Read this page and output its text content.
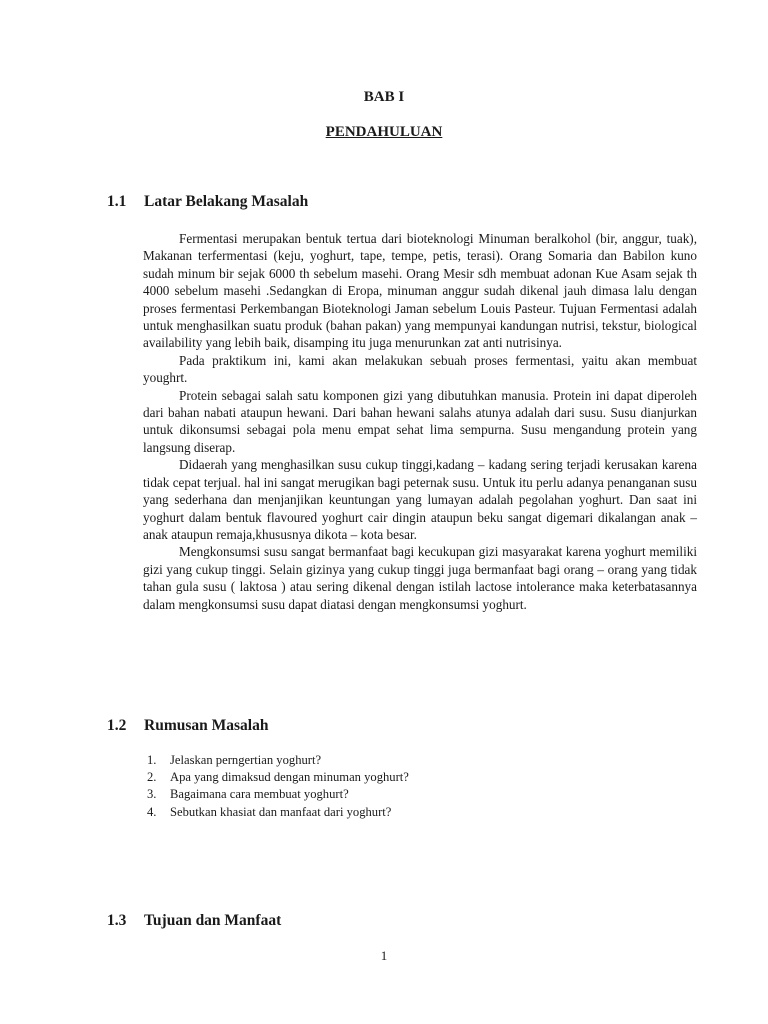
BAB I

PENDAHULUAN

1.1 Latar Belakang Masalah

Fermentasi merupakan bentuk tertua dari bioteknologi Minuman beralkohol (bir, anggur, tuak), Makanan terfermentasi (keju, yoghurt, tape, tempe, petis, terasi). Orang Somaria dan Babilon kuno sudah minum bir sejak 6000 th sebelum masehi. Orang Mesir sdh membuat adonan Kue Asam sejak th 4000 sebelum masehi .Sedangkan di Eropa, minuman anggur sudah dikenal jauh dimasa lalu dengan proses fermentasi Perkembangan Bioteknologi Jaman sebelum Louis Pasteur. Tujuan Fermentasi adalah untuk menghasilkan suatu produk (bahan pakan) yang mempunyai kandungan nutrisi, tekstur, biological availability yang lebih baik, disamping itu juga menurunkan zat anti nutrisinya.

Pada praktikum ini, kami akan melakukan sebuah proses fermentasi, yaitu akan membuat youghrt.

Protein sebagai salah satu komponen gizi yang dibutuhkan manusia. Protein ini dapat diperoleh dari bahan nabati ataupun hewani. Dari bahan hewani salahs atunya adalah dari susu. Susu dianjurkan untuk dikonsumsi sebagai pola menu empat sehat lima sempurna. Susu mengandung protein yang langsung diserap.

Didaerah yang menghasilkan susu cukup tinggi,kadang – kadang sering terjadi kerusakan karena tidak cepat terjual. hal ini sangat merugikan bagi peternak susu. Untuk itu perlu adanya penanganan susu yang sederhana dan menjanjikan keuntungan yang lumayan adalah pegolahan yoghurt. Dan saat ini yoghurt dalam bentuk flavoured yoghurt cair dingin ataupun beku sangat digemari dikalangan anak – anak ataupun remaja,khususnya dikota – kota besar.

Mengkonsumsi susu sangat bermanfaat bagi kecukupan gizi masyarakat karena yoghurt memiliki gizi yang cukup tinggi. Selain gizinya yang cukup tinggi juga bermanfaat bagi orang – orang yang tidak tahan gula susu ( laktosa ) atau sering dikenal dengan istilah lactose intolerance maka keterbatasannya dalam mengkonsumsi susu dapat diatasi dengan mengkonsumsi yoghurt.

1.2 Rumusan Masalah
1.	Jelaskan perngertian yoghurt?
2.	Apa yang dimaksud dengan minuman yoghurt?
3.	Bagaimana cara membuat yoghurt?
4.	Sebutkan khasiat dan manfaat dari yoghurt?
1.3 Tujuan dan Manfaat
1
